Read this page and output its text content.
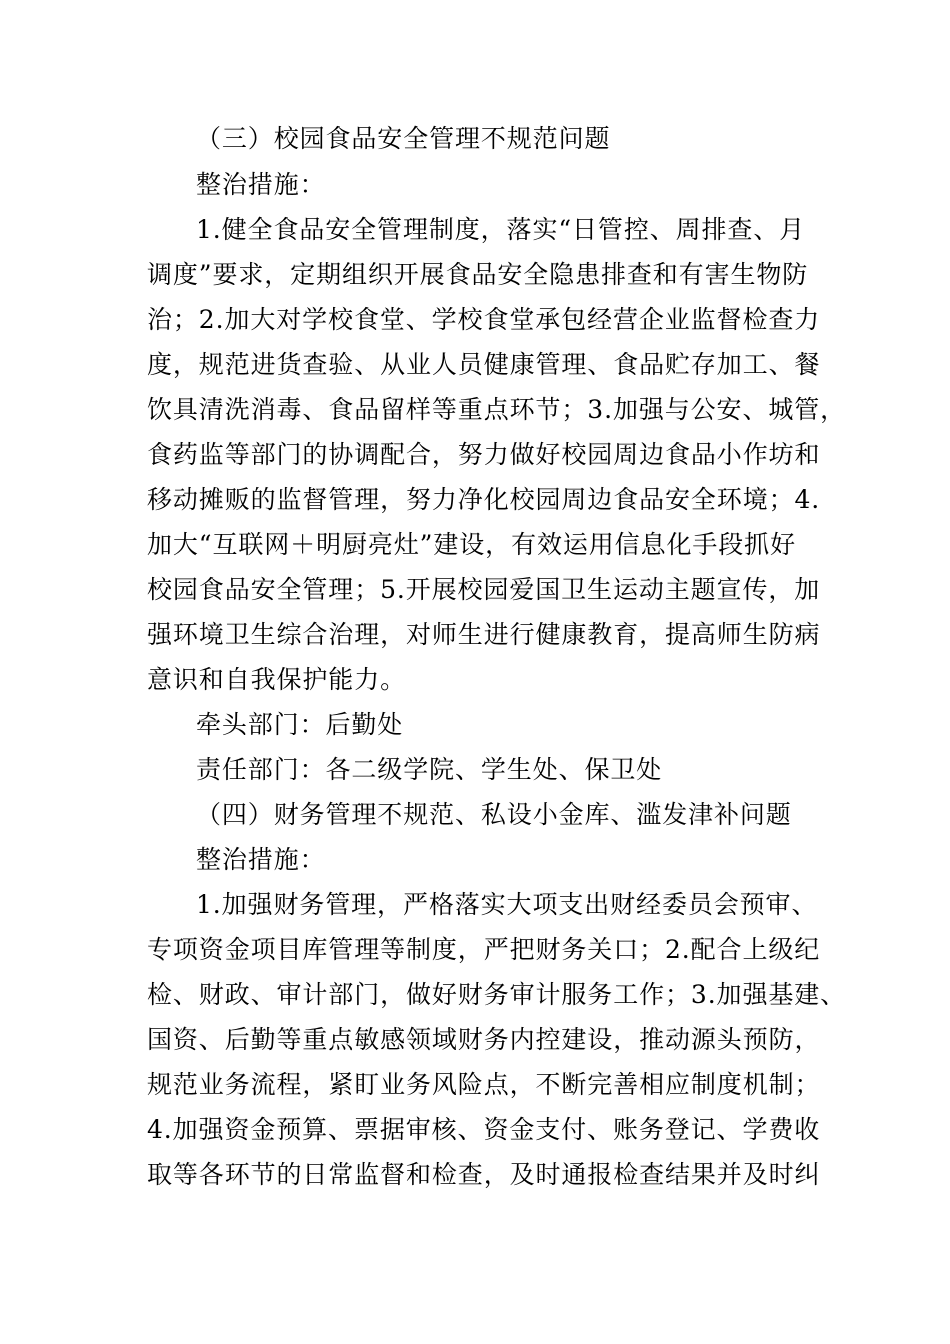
（三）校园食品安全管理不规范问题
整治措施：
1.健全食品安全管理制度，落实“日管控、周排查、月
调度”要求，定期组织开展食品安全隐患排查和有害生物防
治；2.加大对学校食堂、学校食堂承包经营企业监督检查力
度，规范进货查验、从业人员健康管理、食品贮存加工、餐
饮具清洗消毒、食品留样等重点环节；3.加强与公安、城管，
食药监等部门的协调配合，努力做好校园周边食品小作坊和
移动摊贩的监督管理，努力净化校园周边食品安全环境；4.
加大“互联网＋明厨亮灶”建设，有效运用信息化手段抓好
校园食品安全管理；5.开展校园爱国卫生运动主题宣传，加
强环境卫生综合治理，对师生进行健康教育，提高师生防病
意识和自我保护能力。
牵头部门：后勤处
责任部门：各二级学院、学生处、保卫处
（四）财务管理不规范、私设小金库、滥发津补问题
整治措施：
1.加强财务管理，严格落实大项支出财经委员会预审、
专项资金项目库管理等制度，严把财务关口；2.配合上级纪
检、财政、审计部门，做好财务审计服务工作；3.加强基建、
国资、后勤等重点敏感领域财务内控建设，推动源头预防，
规范业务流程，紧盯业务风险点，不断完善相应制度机制；
4.加强资金预算、票据审核、资金支付、账务登记、学费收
取等各环节的日常监督和检查，及时通报检查结果并及时纠
